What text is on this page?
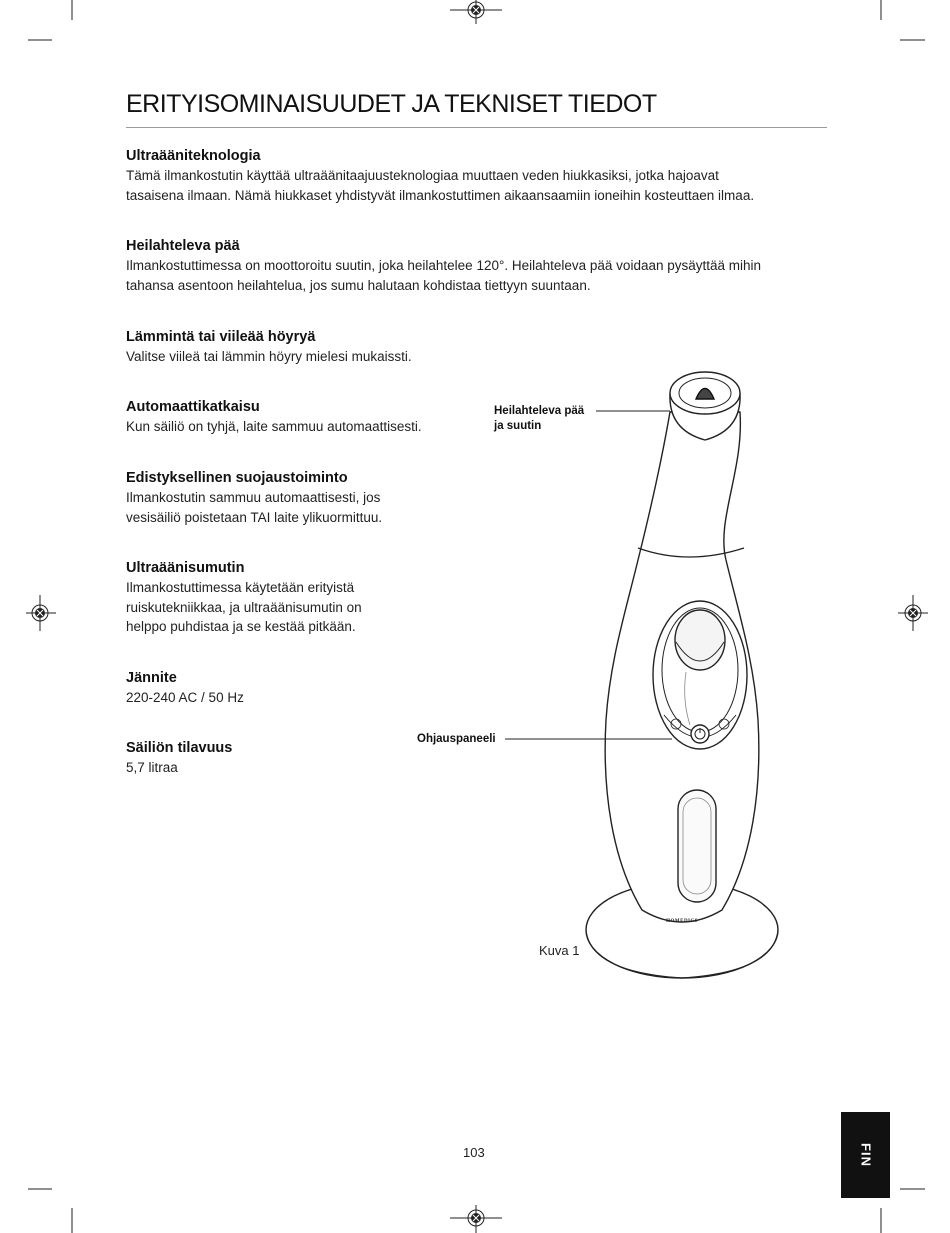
ERITYISOMINAISUUDET JA TEKNISET TIEDOT
Ultraääniteknologia

Tämä ilmankostutin käyttää ultraäänitaajuusteknologiaa muuttaen veden hiukkasiksi, jotka hajoavat

tasaisena ilmaan. Nämä hiukkaset yhdistyvät ilmankostuttimen aikaansaamiin ioneihin kosteuttaen ilmaa.

Heilahteleva pää

Ilmankostuttimessa on moottoroitu suutin, joka heilahtelee 120°. Heilahteleva pää voidaan pysäyttää mihin

tahansa asentoon heilahtelua, jos sumu halutaan kohdistaa tiettyyn suuntaan.

Lämmintä tai viileää höyryä

Valitse viileä tai lämmin höyry mielesi mukaissti.

Automaattikatkaisu

Kun säiliö on tyhjä, laite sammuu automaattisesti.

Edistyksellinen suojaustoiminto

Ilmankostutin sammuu automaattisesti, jos

vesisäiliö poistetaan TAI laite ylikuormittuu.

Ultraäänisumutin

Ilmankostuttimessa käytetään erityistä

ruiskutekniikkaa, ja ultraäänisumutin on

helppo puhdistaa ja se kestää pitkään.

Jännite

220-240 AC / 50 Hz

Säiliön tilavuus

5,7 litraa

HOMEDICS
Heilahteleva pää
ja suutin
Ohjauspaneeli
Kuva 1
103	FIN
